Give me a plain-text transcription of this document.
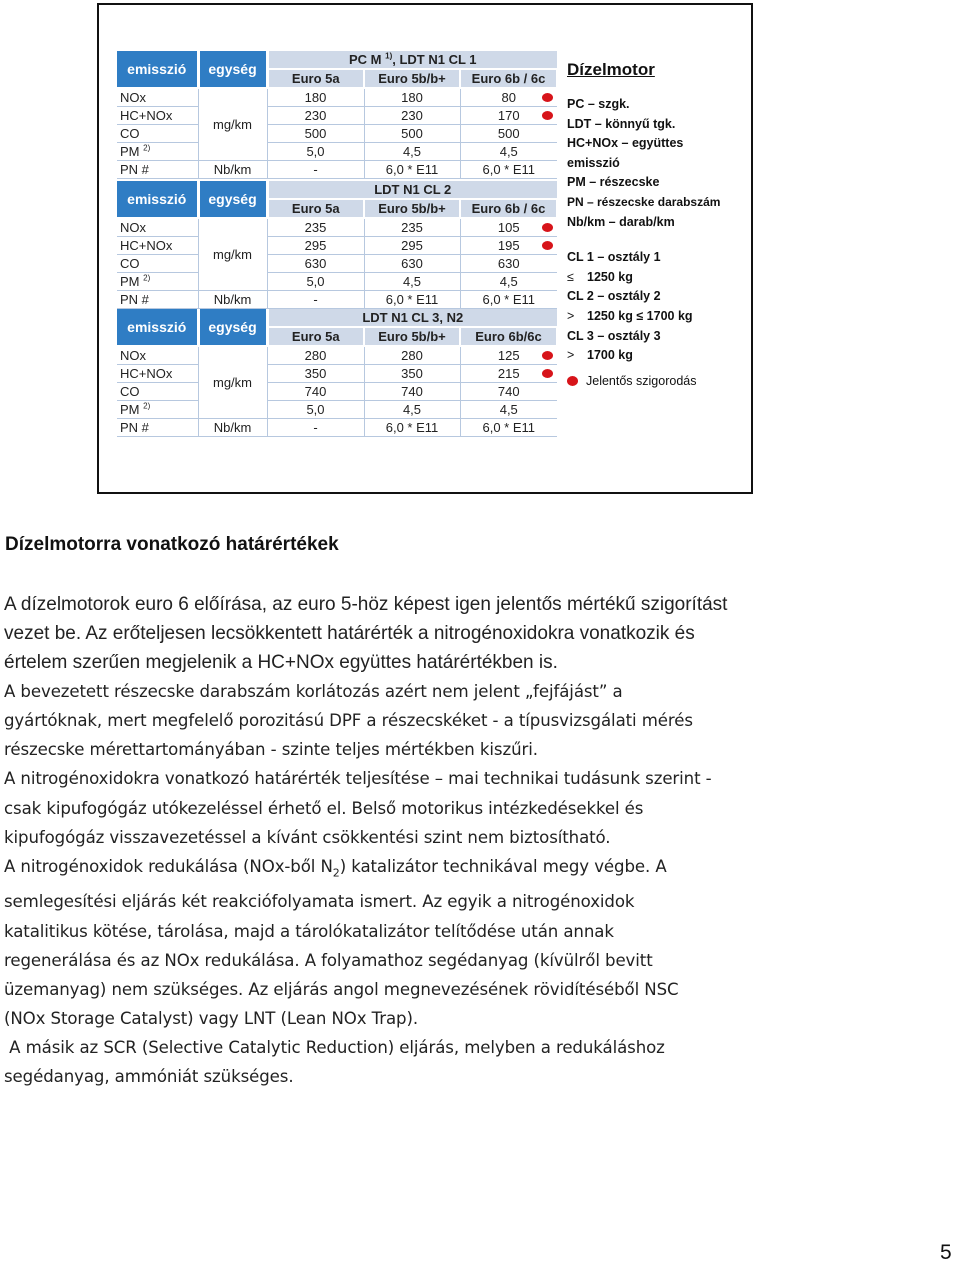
emisszió	egység	PC M $^{1)}$, LDT N1 CL 1		
		Euro 5a	Euro 5b/b+	Euro 6b / 6c
NOx	mg/km	180	180	80

HC+NOx		230	230	170

CO		500	500	500
PM $^{2)}$		5,0	4,5	4,5
PN #	Nb/km	-	6,0 * E11	6,0 * E11
emisszió	egység	LDT N1 CL 2		
		Euro 5a	Euro 5b/b+	Euro 6b / 6c
NOx	mg/km	235	235	105

HC+NOx		295	295	195

CO		630	630	630
PM $^{2)}$		5,0	4,5	4,5
PN #	Nb/km	-	6,0 * E11	6,0 * E11
emisszió	egység	LDT N1 CL 3, N2		
		Euro 5a	Euro 5b/b+	Euro 6b/6c
NOx	mg/km	280	280	125

HC+NOx		350	350	215

CO		740	740	740
PM $^{2)}$		5,0	4,5	4,5
PN #	Nb/km	-	6,0 * E11	6,0 * E11
Dízelmotor
PC – szgk.
LDT – könnyű tgk.
HC+NOx – együttes
emisszió
PM – részecske
PN – részecske darabszám
Nb/km – darab/km
CL 1 – osztály 1
≤ 1250 kg
CL 2 – osztály 2
> 1250 kg ≤ 1700 kg
CL 3 – osztály 3
> 1700 kg
Jelentős szigorodás
Dízelmotorra vonatkozó határértékek
A dízelmotorok euro 6 előírása, az euro 5-höz képest igen jelentős mértékű szigorítást
vezet be. Az erőteljesen lecsökkentett határérték a nitrogénoxidokra vonatkozik és
értelem szerűen megjelenik a HC+NOx együttes határértékben is.
A bevezetett részecske darabszám korlátozás azért nem jelent „fejfájást” a
gyártóknak, mert megfelelő porozitású DPF a részecskéket - a típusvizsgálati mérés
részecske mérettartományában - szinte teljes mértékben kiszűri.
A nitrogénoxidokra vonatkozó határérték teljesítése – mai technikai tudásunk szerint -
csak kipufogógáz utókezeléssel érhető el. Belső motorikus intézkedésekkel és
kipufogógáz visszavezetéssel a kívánt csökkentési szint nem biztosítható.
A nitrogénoxidok redukálása (NOx-ből $N_2$) katalizátor technikával megy végbe. A
semlegesítési eljárás két reakciófolyamata ismert. Az egyik a nitrogénoxidok
katalitikus kötése, tárolása, majd a tárolókatalizátor telítődése után annak
regenerálása és az NOx redukálása. A folyamathoz segédanyag (kívülről bevitt
üzemanyag) nem szükséges. Az eljárás angol megnevezésének rövidítéséből NSC
(NOx Storage Catalyst) vagy LNT (Lean NOx Trap).
A másik az SCR (Selective Catalytic Reduction) eljárás, melyben a redukáláshoz
segédanyag, ammóniát szükséges.
5
